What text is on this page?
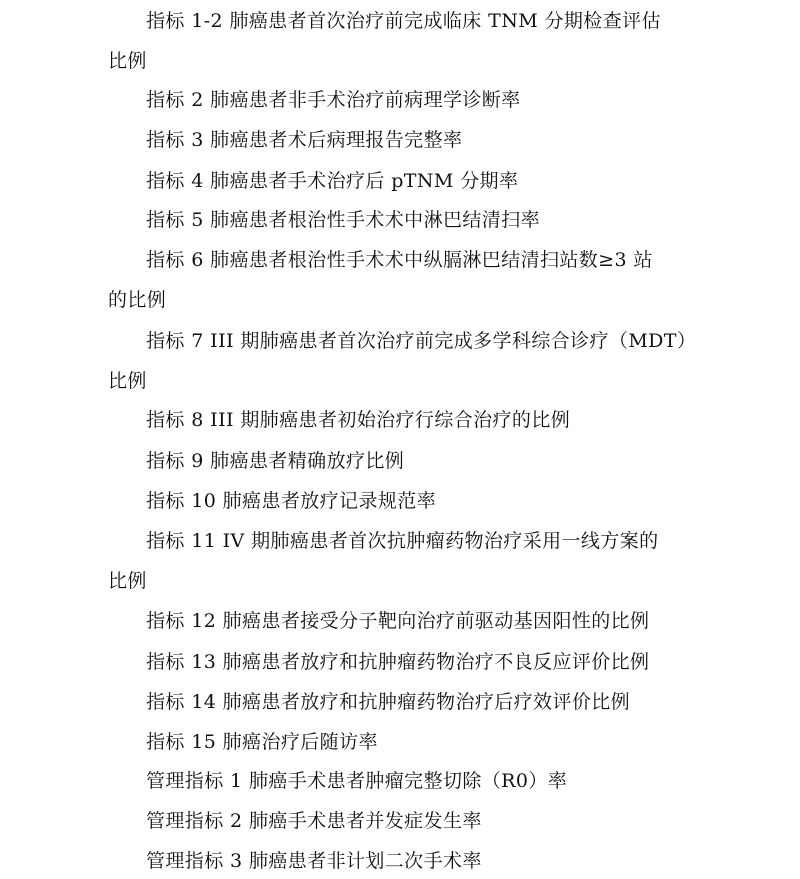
指标 1-2 肺癌患者首次治疗前完成临床 TNM 分期检查评估
比例
指标 2 肺癌患者非手术治疗前病理学诊断率
指标 3 肺癌患者术后病理报告完整率
指标 4 肺癌患者手术治疗后 pTNM 分期率
指标 5 肺癌患者根治性手术术中淋巴结清扫率
指标 6 肺癌患者根治性手术术中纵膈淋巴结清扫站数≥3 站
的比例
指标 7 III 期肺癌患者首次治疗前完成多学科综合诊疗（MDT）
比例
指标 8 III 期肺癌患者初始治疗行综合治疗的比例
指标 9 肺癌患者精确放疗比例
指标 10 肺癌患者放疗记录规范率
指标 11 IV 期肺癌患者首次抗肿瘤药物治疗采用一线方案的
比例
指标 12 肺癌患者接受分子靶向治疗前驱动基因阳性的比例
指标 13 肺癌患者放疗和抗肿瘤药物治疗不良反应评价比例
指标 14 肺癌患者放疗和抗肿瘤药物治疗后疗效评价比例
指标 15 肺癌治疗后随访率
管理指标 1 肺癌手术患者肿瘤完整切除（R0）率
管理指标 2 肺癌手术患者并发症发生率
管理指标 3 肺癌患者非计划二次手术率
